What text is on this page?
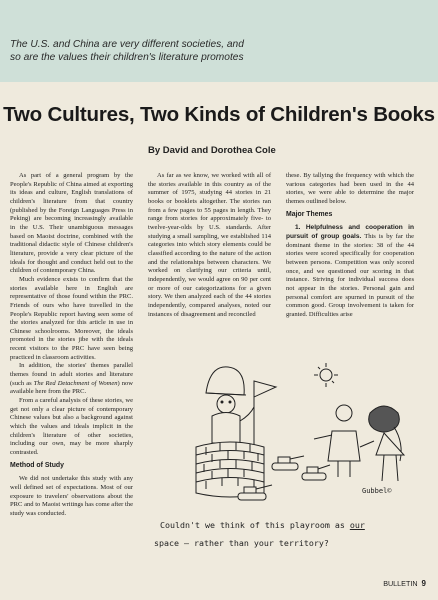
The U.S. and China are very different societies, and
so are the values their children's literature promotes
Two Cultures, Two Kinds of Children's Books
By David and Dorothea Cole

As part of a general program by the People's Republic of China aimed at exporting its ideas and culture, English translations of children's literature from that country (published by the Foreign Languages Press in Peking) are becoming increasingly available in the U.S. Their unambiguous messages based on Maoist doctrine, combined with the traditional didactic style of Chinese children's literature, provide a very clear picture of the ideals for thought and conduct held out to the children of contemporary China.

Much evidence exists to confirm that the stories available here in English are representative of those found within the PRC. Friends of ours who have travelled in the People's Republic report having seen some of the stories analyzed for this article in use in Chinese schoolrooms. Moreover, the ideals promoted in the stories jibe with the ideals recent visitors to the PRC have seen being practiced in classroom activities.

In addition, the stories' themes parallel themes found in adult stories and literature (such as The Red Detachment of Women) now available here from the PRC.

From a careful analysis of these stories, we get not only a clear picture of contemporary Chinese values but also a background against which the values and ideals implicit in the children's literature of other societies, including our own, may be more sharply contrasted.

Method of Study

We did not undertake this study with any well defined set of expectations. Most of our exposure to travelers' observations about the PRC and to Maoist writings has come after the study was conducted.

As far as we know, we worked with all of the stories available in this country as of the summer of 1975, studying 44 stories in 21 books or booklets altogether. The stories ran from a few pages to 55 pages in length. They range from stories for approximately five- to twelve-year-olds by U.S. standards. After studying a small sampling, we established 114 categories into which story elements could be classified according to the nature of the action and the relationships between characters. We worked on clarifying our criteria until, independently, we would agree on 90 per cent or more of our categorizations for a given story. We then analyzed each of the 44 stories independently, compared analyses, noted our instances of disagreement and reconciled

these. By tallying the frequency with which the various categories had been used in the 44 stories, we were able to determine the major themes outlined below.

Major Themes

1. Helpfulness and cooperation in pursuit of group goals. This is by far the dominant theme in the stories: 38 of the 44 stories were scored specifically for cooperation between persons. Competition was only scored once, and we questioned our scoring in that instance. Striving for individual success does not appear in the stories. Personal gain and personal comfort are spurned in pursuit of the common good. Group involvement is taken for granted. Difficulties arise

Gubbel©
Couldn't we think of this playroom as our
space — rather than your territory?
BULLETIN 9
